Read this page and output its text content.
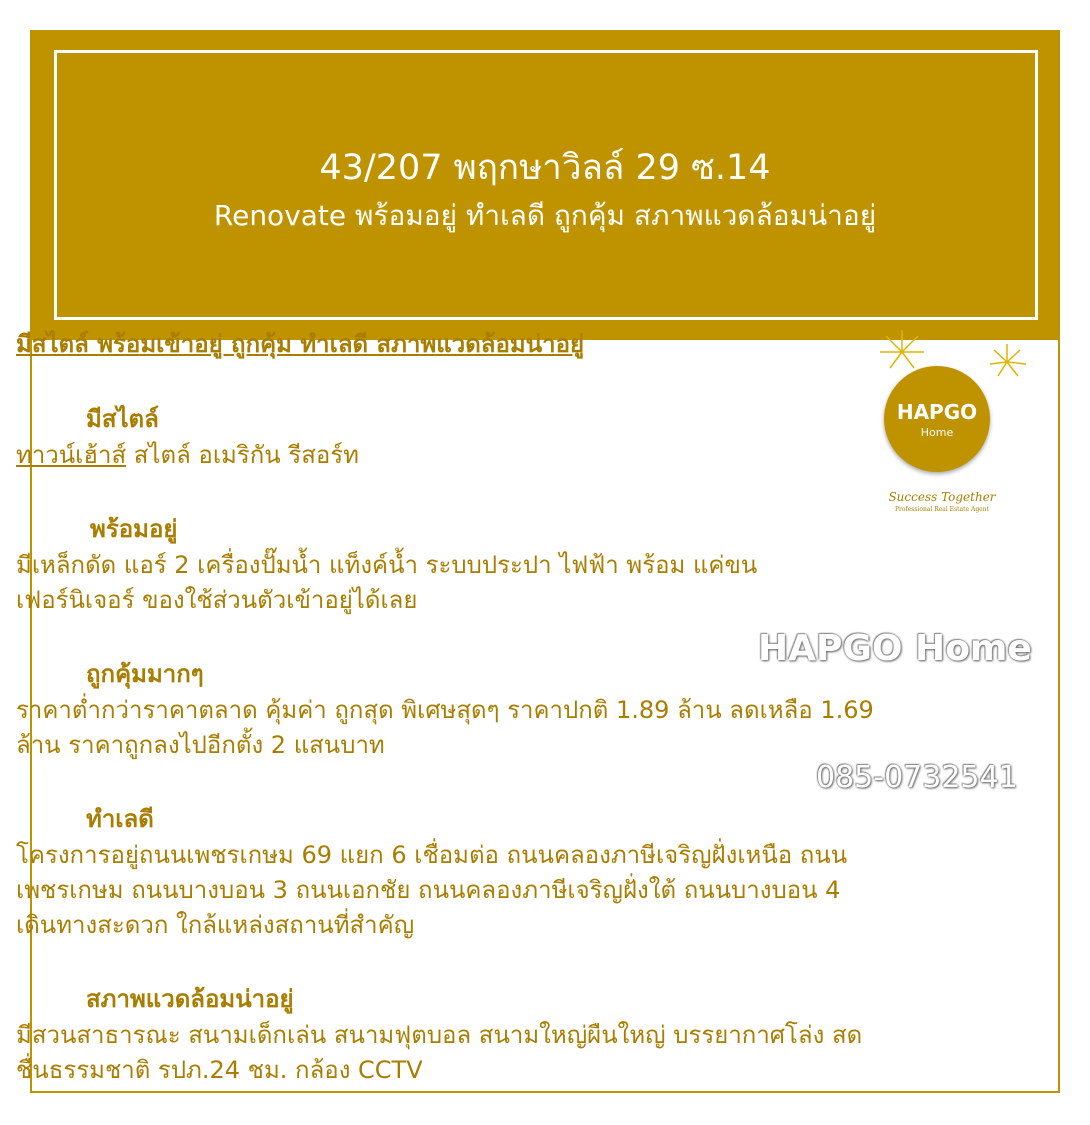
43/207 พฤกษาวิลล์ 29 ซ.14
Renovate พร้อมอยู่ ทำเลดี ถูกคุ้ม สภาพแวดล้อมน่าอยู่

มีสไตล์ พร้อมเข้าอยู่ ถูกคุ้ม ทำเลดี สภาพแวดล้อมน่าอยู่

มีสไตล์

ทาวน์เฮ้าส์ สไตล์ อเมริกัน รีสอร์ท

พร้อมอยู่

มีเหล็กดัด แอร์ 2 เครื่องปั๊มน้ำ แท็งค์น้ำ ระบบประปา ไฟฟ้า พร้อม แค่ขน

เฟอร์นิเจอร์ ของใช้ส่วนตัวเข้าอยู่ได้เลย

ถูกคุ้มมากๆ

ราคาต่ำกว่าราคาตลาด คุ้มค่า ถูกสุด พิเศษสุดๆ ราคาปกติ 1.89 ล้าน ลดเหลือ 1.69

ล้าน ราคาถูกลงไปอีกตั้ง 2 แสนบาท

ทำเลดี

โครงการอยู่ถนนเพชรเกษม 69 แยก 6 เชื่อมต่อ ถนนคลองภาษีเจริญฝั่งเหนือ ถนน

เพชรเกษม ถนนบางบอน 3 ถนนเอกชัย ถนนคลองภาษีเจริญฝั่งใต้ ถนนบางบอน 4

เดินทางสะดวก ใกล้แหล่งสถานที่สำคัญ

สภาพแวดล้อมน่าอยู่

มีสวนสาธารณะ สนามเด็กเล่น สนามฟุตบอล สนามใหญ่ผืนใหญ่ บรรยากาศโล่ง สด

ชื่นธรรมชาติ รปภ.24 ชม. กล้อง CCTV

HAPGO
Home
Success Together
Professional Real Estate Agent
HAPGO Home
085-0732541
